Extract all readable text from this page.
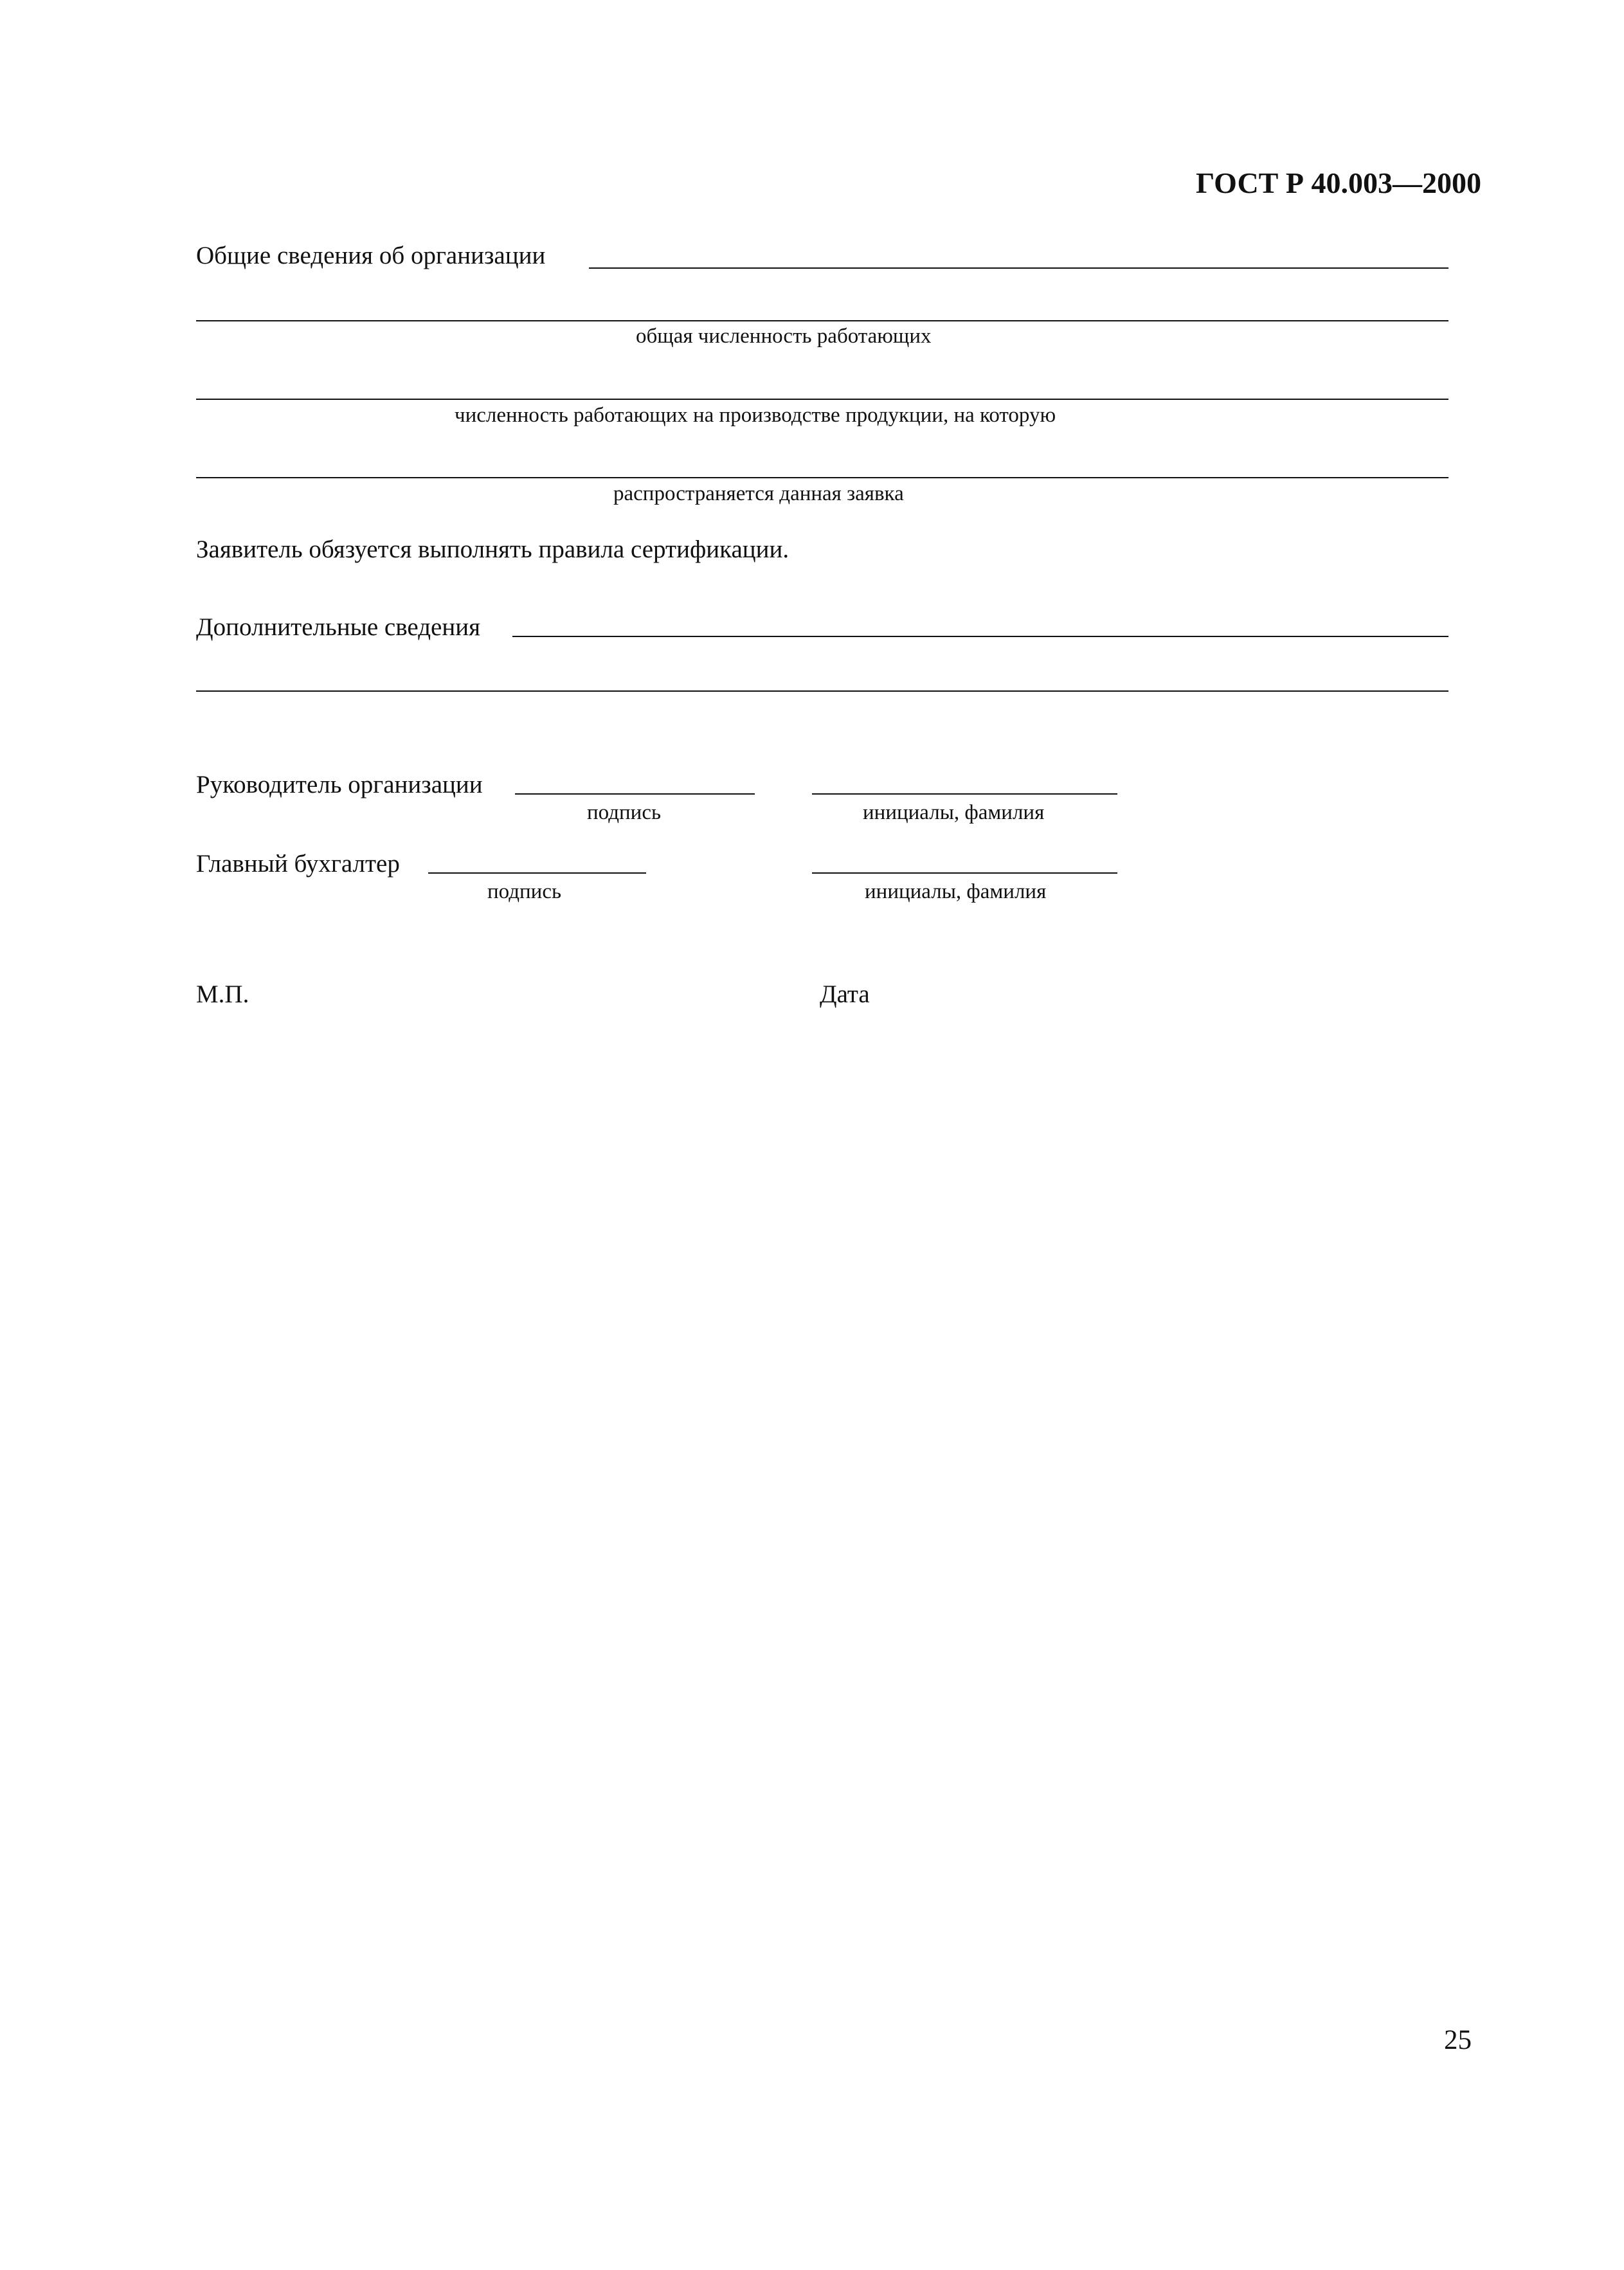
ГОСТ Р 40.003—2000
Общие сведения об организации
общая численность работающих
численность работающих на производстве продукции, на которую
распространяется данная заявка
Заявитель обязуется выполнять правила сертификации.
Дополнительные сведения
Руководитель организации
подпись	инициалы, фамилия
Главный бухгалтер
подпись	инициалы, фамилия
М.П.	Дата
25
